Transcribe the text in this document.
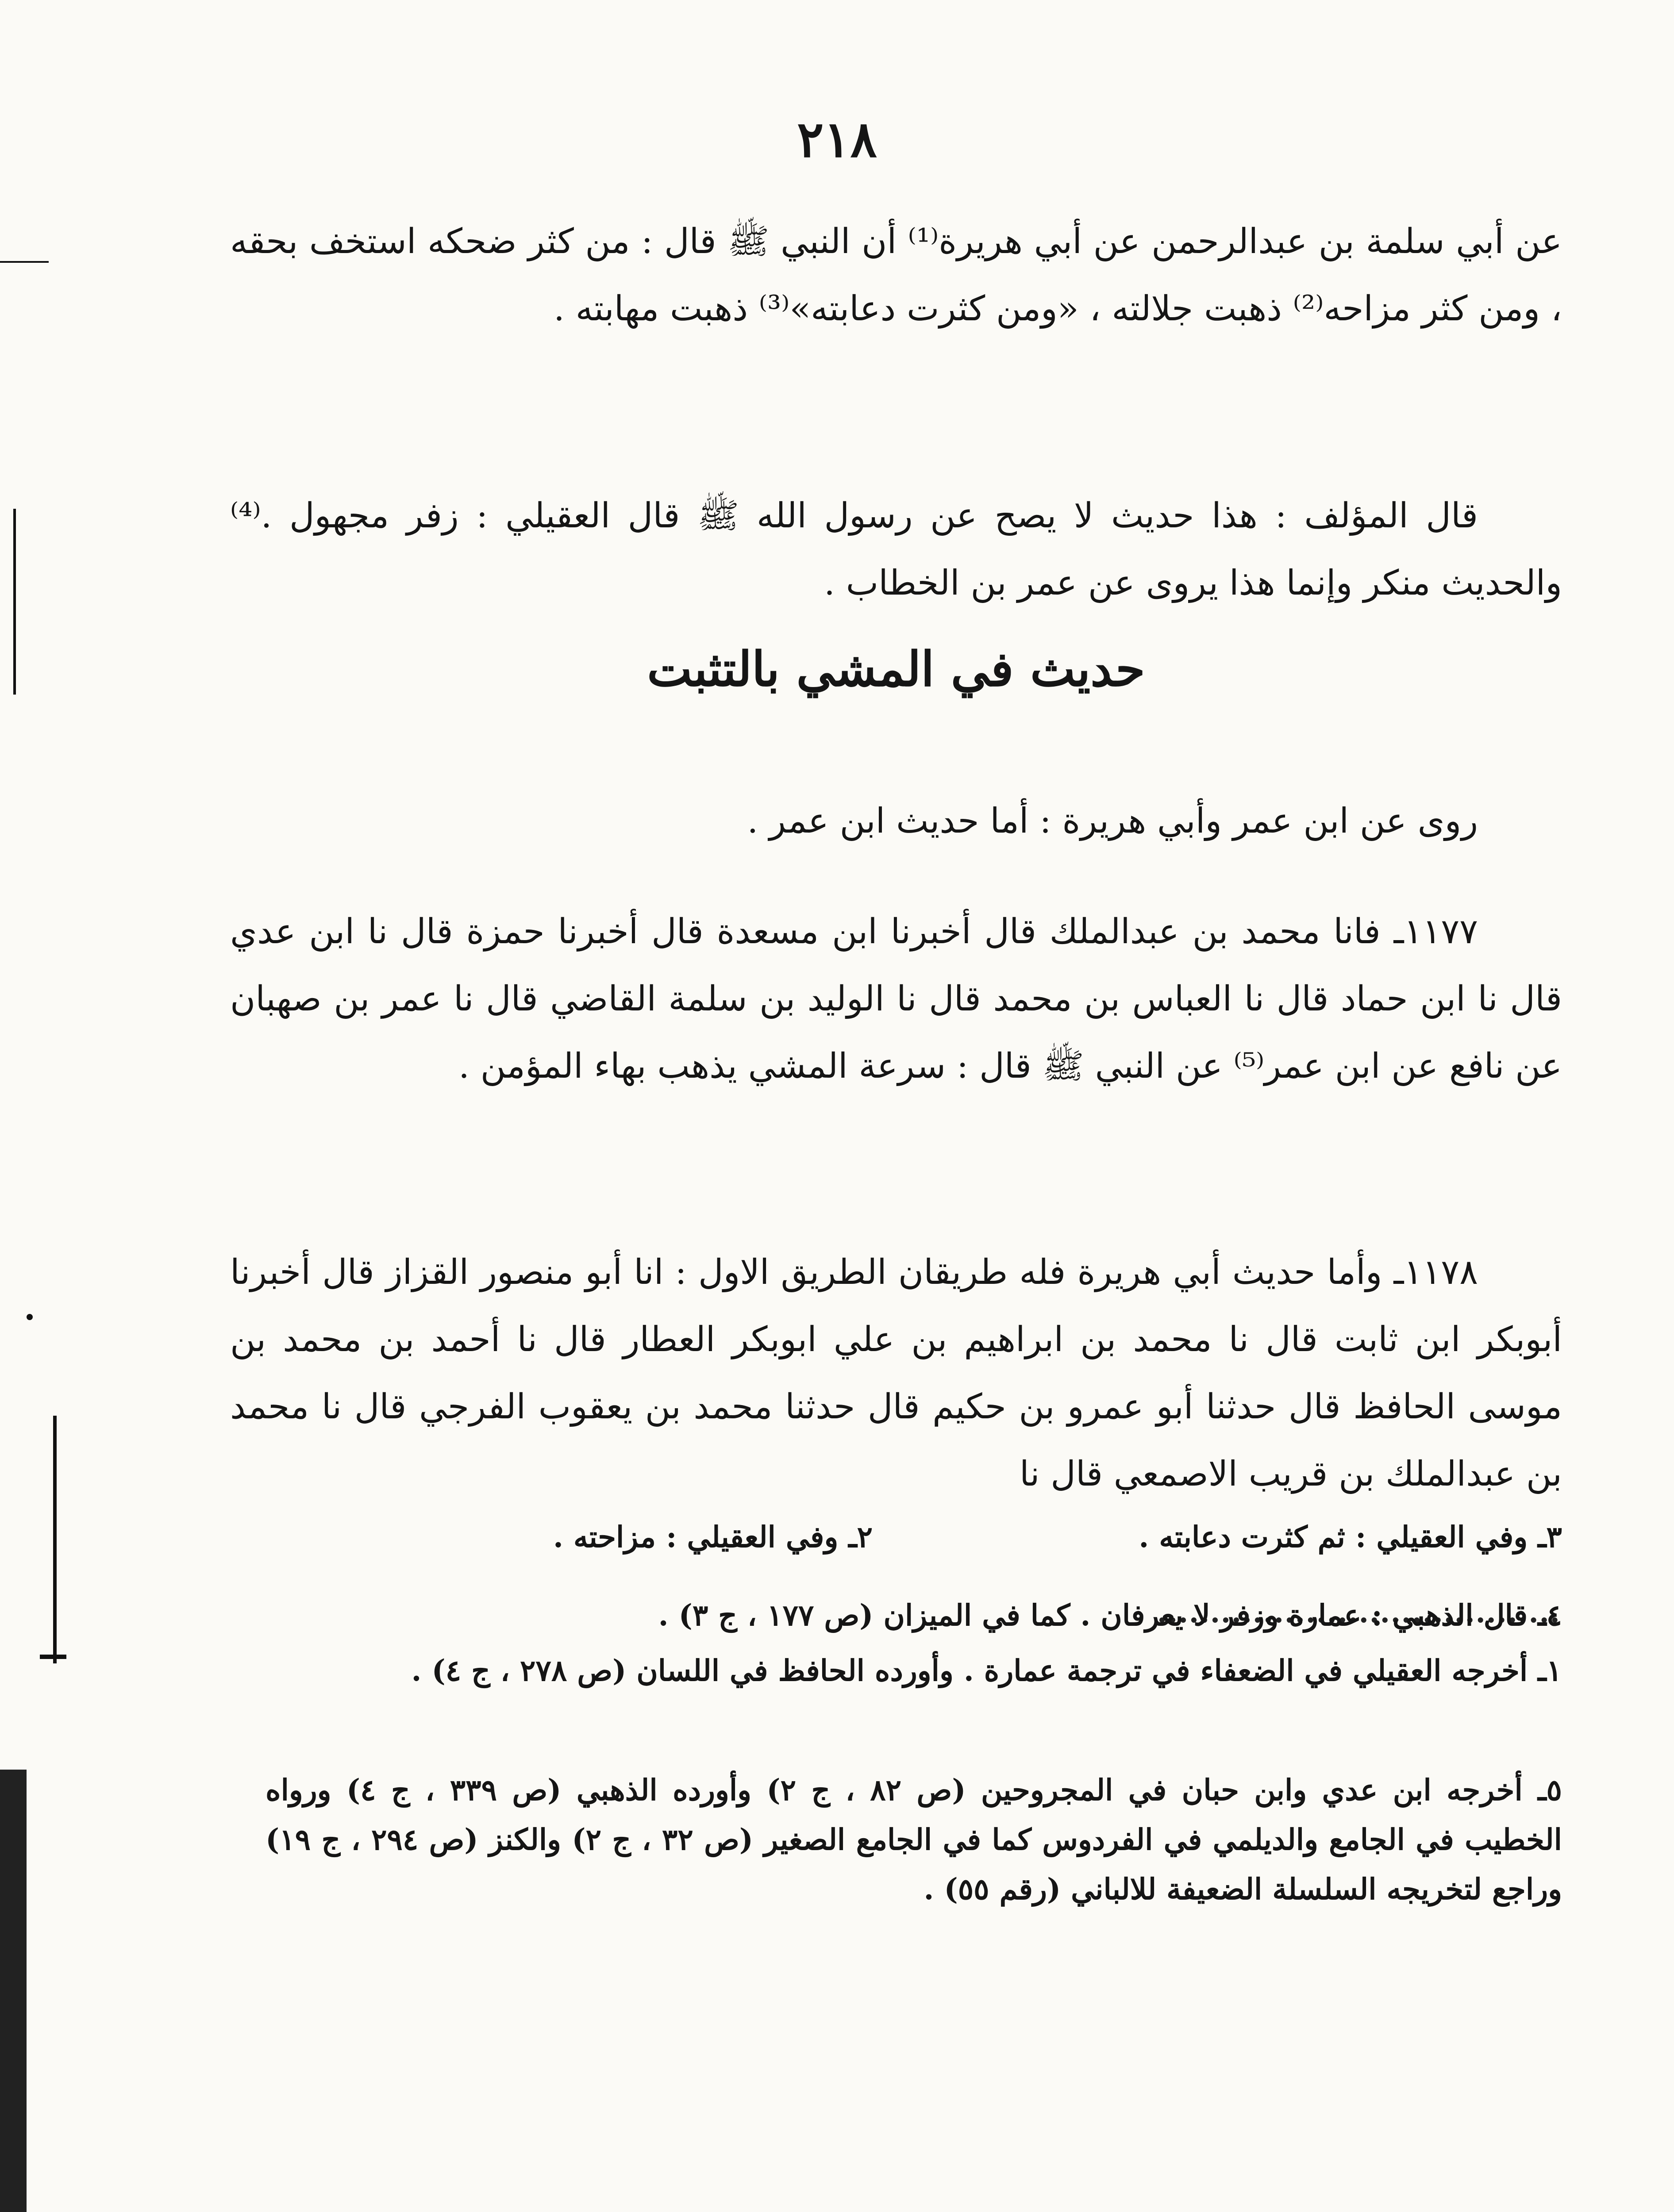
٢١٨
عن أبي سلمة بن عبدالرحمن عن أبي هريرة⁽¹⁾ أن النبي ﷺ قال : من كثر ضحكه استخف بحقه ، ومن كثر مزاحه⁽²⁾ ذهبت جلالته ، «ومن كثرت دعابته»⁽³⁾ ذهبت مهابته .
قال المؤلف : هذا حديث لا يصح عن رسول الله ﷺ قال العقيلي : زفر مجهول .⁽⁴⁾ والحديث منكر وإنما هذا يروى عن عمر بن الخطاب .
حديث في المشي بالتثبت
روى عن ابن عمر وأبي هريرة : أما حديث ابن عمر .
١١٧٧ـ فانا محمد بن عبدالملك قال أخبرنا ابن مسعدة قال أخبرنا حمزة قال نا ابن عدي قال نا ابن حماد قال نا العباس بن محمد قال نا الوليد بن سلمة القاضي قال نا عمر بن صهبان عن نافع عن ابن عمر⁽⁵⁾ عن النبي ﷺ قال : سرعة المشي يذهب بهاء المؤمن .
١١٧٨ـ وأما حديث أبي هريرة فله طريقان الطريق الاول : انا أبو منصور القزاز قال أخبرنا أبوبكر ابن ثابت قال نا محمد بن ابراهيم بن علي ابوبكر العطار قال نا أحمد بن محمد بن موسى الحافظ قال حدثنا أبو عمرو بن حكيم قال حدثنا محمد بن يعقوب الفرجي قال نا محمد بن عبدالملك بن قريب الاصمعي قال نا
١ـ أخرجه العقيلي في الضعفاء في ترجمة عمارة . وأورده الحافظ في اللسان (ص ٢٧٨ ، ج ٤) .
٢ـ وفي العقيلي : مزاحته .	٣ـ وفي العقيلي : ثم كثرت دعابته .
٤ـ قال الذهبي : عمارة وزفر لا يعرفان . كما في الميزان (ص ١٧٧ ، ج ٣) .
٥ـ أخرجه ابن عدي وابن حبان في المجروحين (ص ٨٢ ، ج ٢) وأورده الذهبي (ص ٣٣٩ ، ج ٤) ورواه الخطيب في الجامع والديلمي في الفردوس كما في الجامع الصغير (ص ٣٢ ، ج ٢) والكنز (ص ٢٩٤ ، ج ١٩) وراجع لتخريجه السلسلة الضعيفة للالباني (رقم ٥٥) .
